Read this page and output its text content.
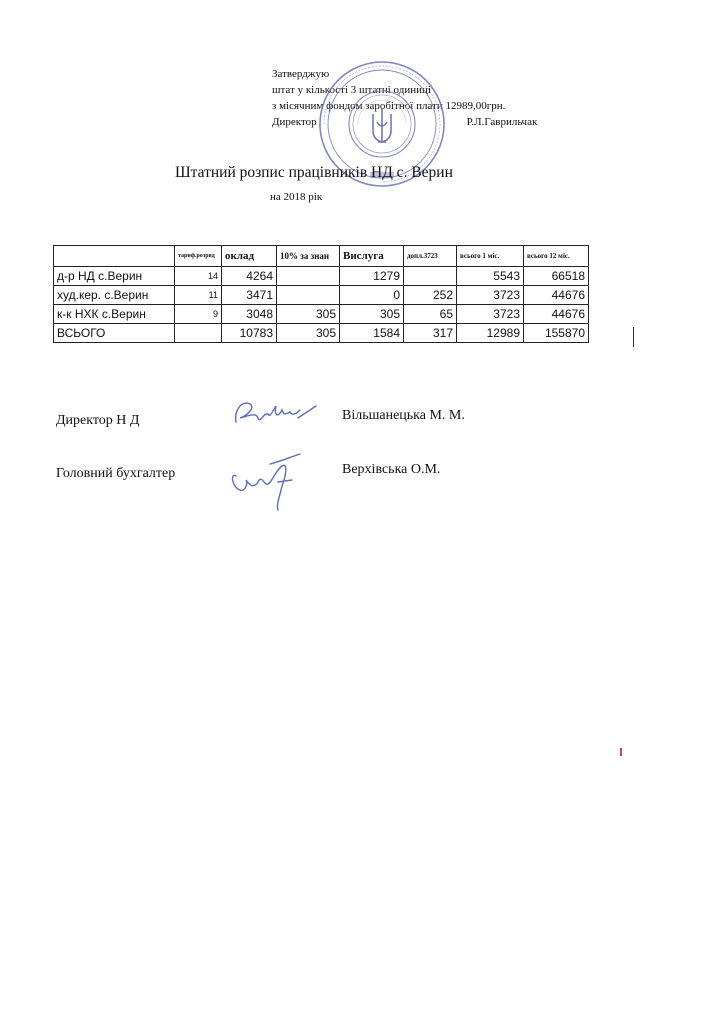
Затверджую
штат у кількості 3 штатні одиниці
з місячним фондом заробітної плати 12989,00грн.
Директор	Р.Л.Гаврильчак
Штатний розпис працівників НД с. Верин
на 2018 рік
	тариф.розряд	оклад	10% за знан	Вислуга	допл.3723	всього 1 міс.	всього 12 міс.
д-р НД с.Верин	14	4264		1279		5543	66518
худ.кер. с.Верин	11	3471		0	252	3723	44676
к-к НХК с.Верин	9	3048	305	305	65	3723	44676
ВСЬОГО		10783	305	1584	317	12989	155870
Директор Н Д	Вільшанецька М. М.
Головний бухгалтер	Верхівська О.М.
